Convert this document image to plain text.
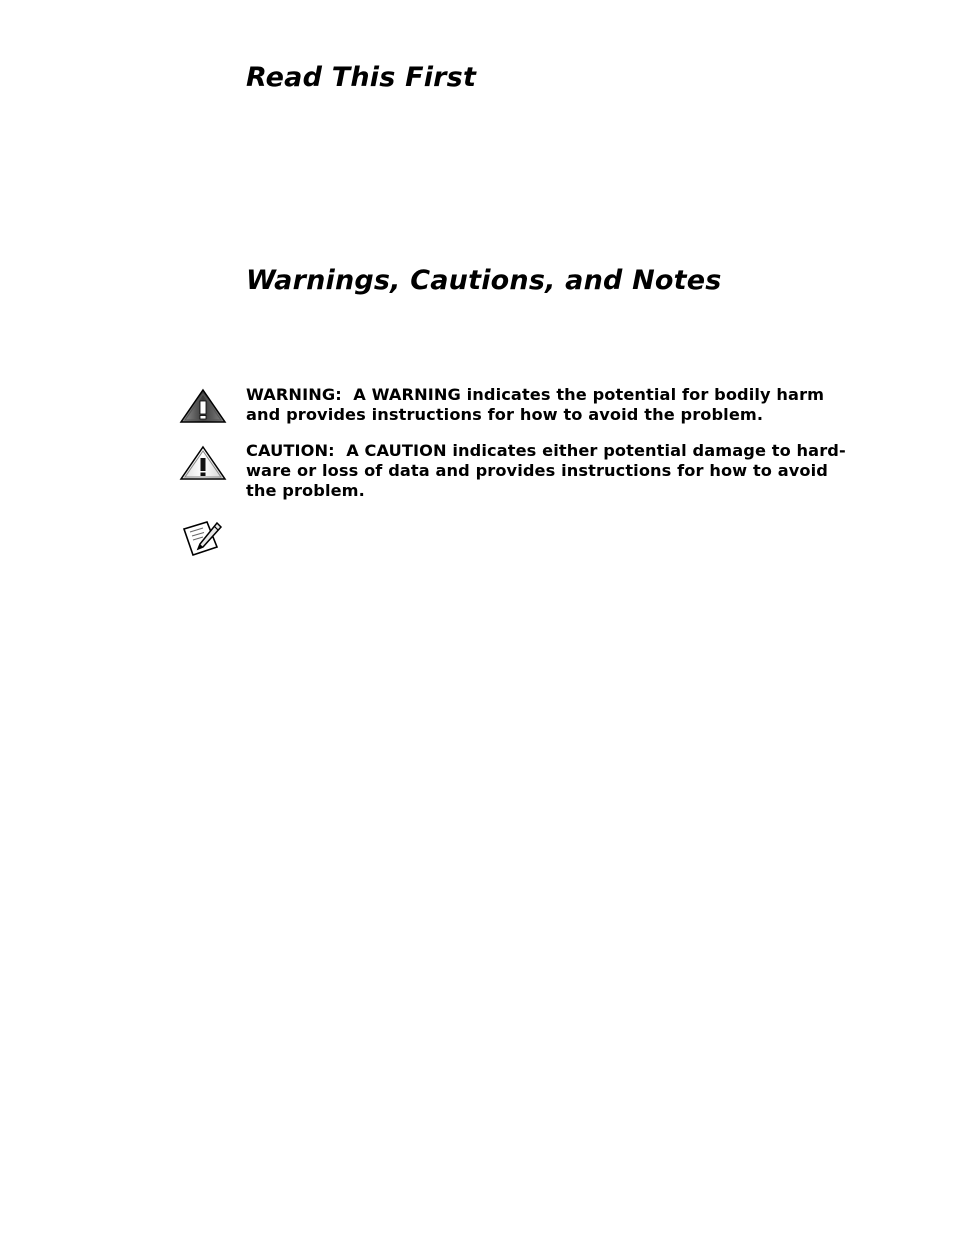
Read This First
Warnings, Cautions, and Notes

WARNING: A WARNING indicates the potential for bodily harm and provides instructions for how to avoid the problem.

CAUTION: A CAUTION indicates either potential damage to hard-ware or loss of data and provides instructions for how to avoid the problem.
